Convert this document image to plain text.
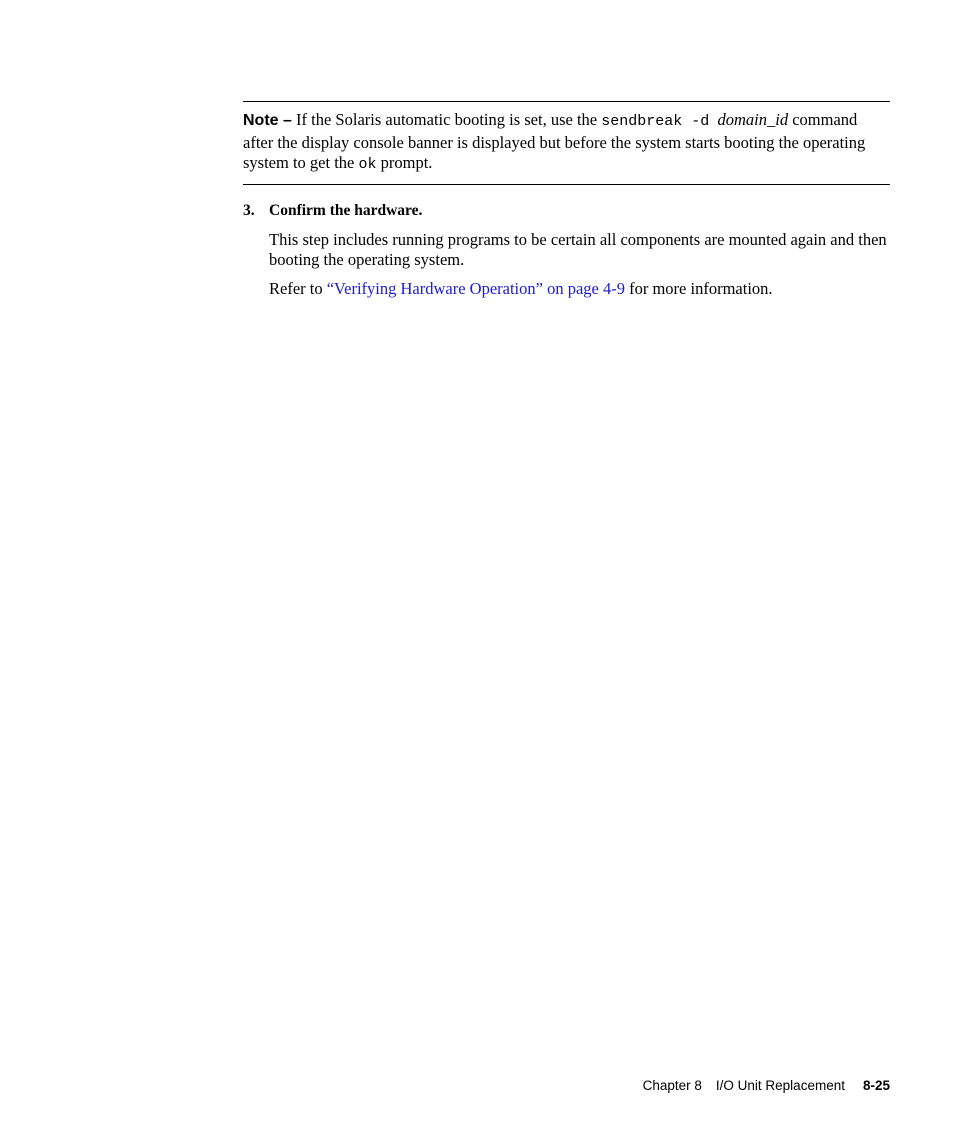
Note – If the Solaris automatic booting is set, use the sendbreak -d domain_id command after the display console banner is displayed but before the system starts booting the operating system to get the ok prompt.
3. Confirm the hardware.

This step includes running programs to be certain all components are mounted again and then booting the operating system.

Refer to “Verifying Hardware Operation” on page 4-9 for more information.

Chapter 8 I/O Unit Replacement 8-25
